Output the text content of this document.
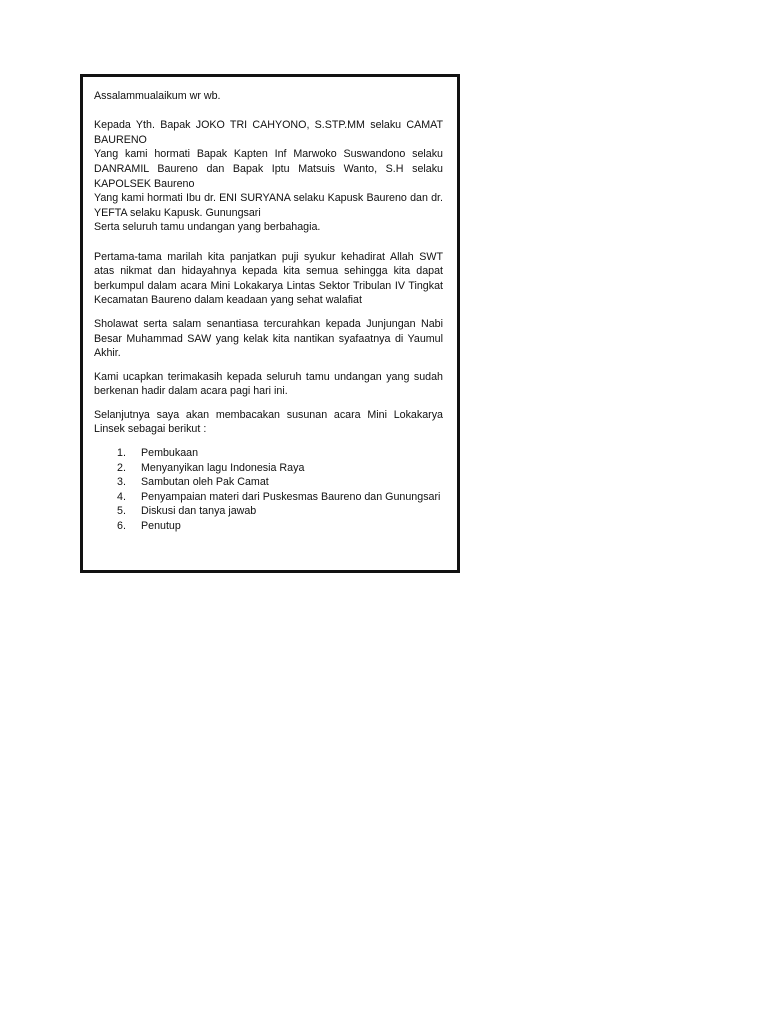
Assalammualaikum wr wb.

Kepada Yth. Bapak JOKO TRI CAHYONO, S.STP.MM selaku CAMAT BAURENO

Yang kami hormati Bapak Kapten Inf Marwoko Suswandono selaku DANRAMIL Baureno dan Bapak Iptu Matsuis Wanto, S.H selaku KAPOLSEK Baureno

Yang kami hormati Ibu dr. ENI SURYANA selaku Kapusk Baureno dan dr. YEFTA selaku Kapusk. Gunungsari

Serta seluruh tamu undangan yang berbahagia.

Pertama-tama marilah kita panjatkan puji syukur kehadirat Allah SWT atas nikmat dan hidayahnya kepada kita semua sehingga kita dapat berkumpul dalam acara Mini Lokakarya Lintas Sektor Tribulan IV Tingkat Kecamatan Baureno dalam keadaan yang sehat walafiat

Sholawat serta salam senantiasa tercurahkan kepada Junjungan Nabi Besar Muhammad SAW yang kelak kita nantikan syafaatnya di Yaumul Akhir.

Kami ucapkan terimakasih kepada seluruh tamu undangan yang sudah berkenan hadir dalam acara pagi hari ini.

Selanjutnya saya akan membacakan susunan acara Mini Lokakarya Linsek sebagai berikut :

1.	Pembukaan
2.	Menyanyikan lagu Indonesia Raya
3.	Sambutan oleh Pak Camat
4.	Penyampaian materi dari Puskesmas Baureno dan Gunungsari
5.	Diskusi dan tanya jawab
6.	Penutup
